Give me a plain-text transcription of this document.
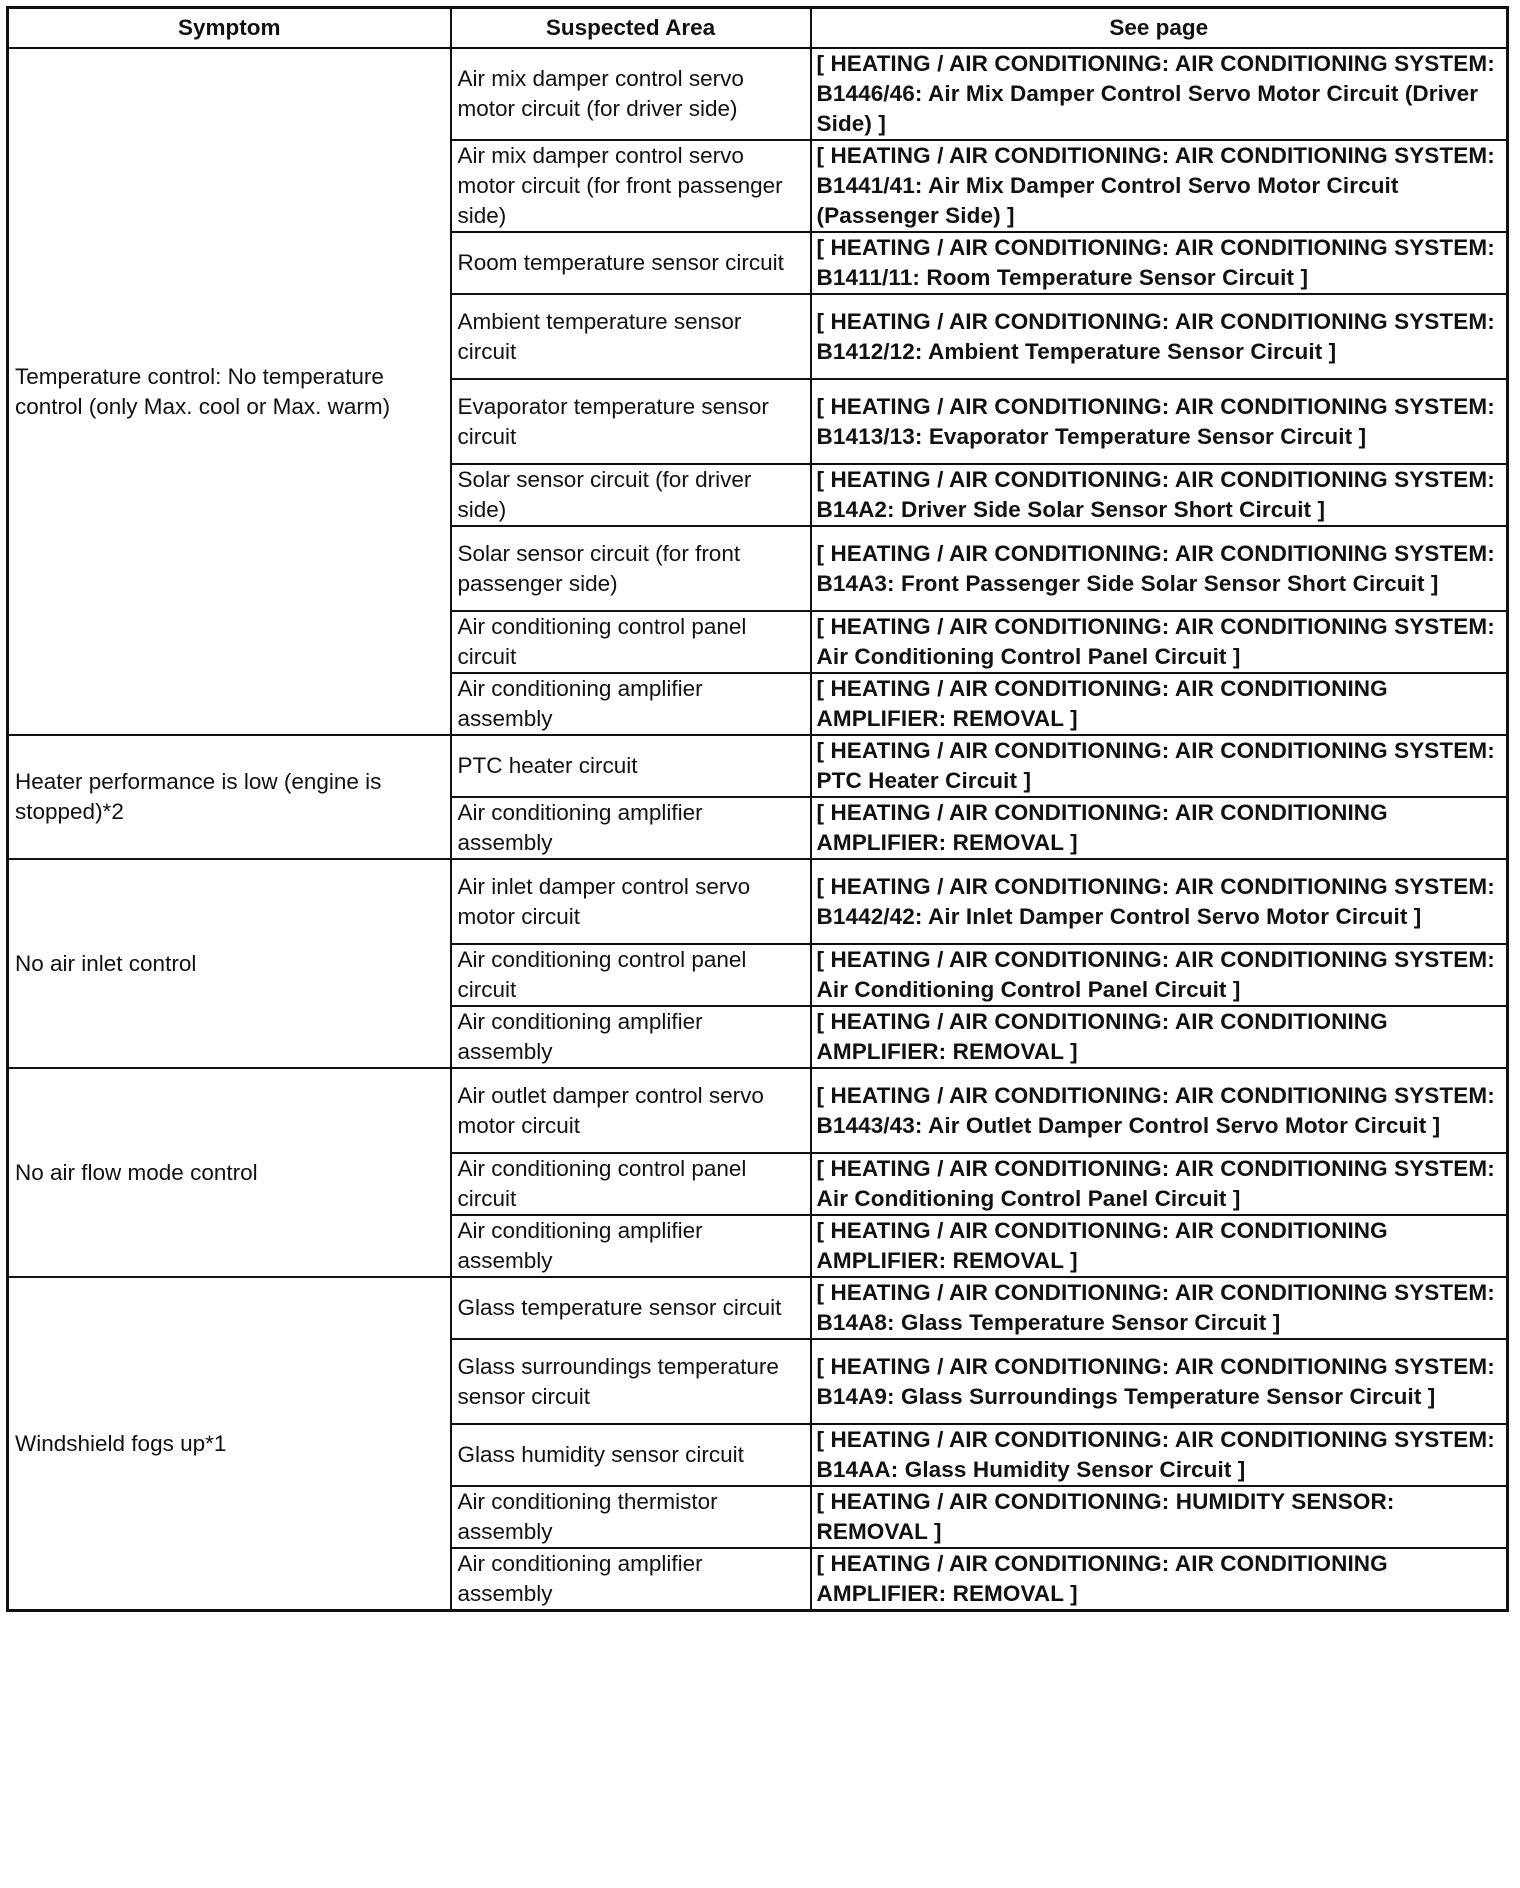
Symptom	Suspected Area	See page
Temperature control: No temperature control (only Max. cool or Max. warm)	Air mix damper control servo motor circuit (for driver side)	[ HEATING / AIR CONDITIONING: AIR CONDITIONING SYSTEM: B1446/46: Air Mix Damper Control Servo Motor Circuit (Driver Side) ]
	Air mix damper control servo motor circuit (for front passenger side)	[ HEATING / AIR CONDITIONING: AIR CONDITIONING SYSTEM: B1441/41: Air Mix Damper Control Servo Motor Circuit (Passenger Side) ]
	Room temperature sensor circuit	[ HEATING / AIR CONDITIONING: AIR CONDITIONING SYSTEM: B1411/11: Room Temperature Sensor Circuit ]
	Ambient temperature sensor circuit	[ HEATING / AIR CONDITIONING: AIR CONDITIONING SYSTEM: B1412/12: Ambient Temperature Sensor Circuit ]
	Evaporator temperature sensor circuit	[ HEATING / AIR CONDITIONING: AIR CONDITIONING SYSTEM: B1413/13: Evaporator Temperature Sensor Circuit ]
	Solar sensor circuit (for driver side)	[ HEATING / AIR CONDITIONING: AIR CONDITIONING SYSTEM: B14A2: Driver Side Solar Sensor Short Circuit ]
	Solar sensor circuit (for front passenger side)	[ HEATING / AIR CONDITIONING: AIR CONDITIONING SYSTEM: B14A3: Front Passenger Side Solar Sensor Short Circuit ]
	Air conditioning control panel circuit	[ HEATING / AIR CONDITIONING: AIR CONDITIONING SYSTEM: Air Conditioning Control Panel Circuit ]
	Air conditioning amplifier assembly	[ HEATING / AIR CONDITIONING: AIR CONDITIONING AMPLIFIER: REMOVAL ]
Heater performance is low (engine is stopped)*2	PTC heater circuit	[ HEATING / AIR CONDITIONING: AIR CONDITIONING SYSTEM: PTC Heater Circuit ]
	Air conditioning amplifier assembly	[ HEATING / AIR CONDITIONING: AIR CONDITIONING AMPLIFIER: REMOVAL ]
No air inlet control	Air inlet damper control servo motor circuit	[ HEATING / AIR CONDITIONING: AIR CONDITIONING SYSTEM: B1442/42: Air Inlet Damper Control Servo Motor Circuit ]
	Air conditioning control panel circuit	[ HEATING / AIR CONDITIONING: AIR CONDITIONING SYSTEM: Air Conditioning Control Panel Circuit ]
	Air conditioning amplifier assembly	[ HEATING / AIR CONDITIONING: AIR CONDITIONING AMPLIFIER: REMOVAL ]
No air flow mode control	Air outlet damper control servo motor circuit	[ HEATING / AIR CONDITIONING: AIR CONDITIONING SYSTEM: B1443/43: Air Outlet Damper Control Servo Motor Circuit ]
	Air conditioning control panel circuit	[ HEATING / AIR CONDITIONING: AIR CONDITIONING SYSTEM: Air Conditioning Control Panel Circuit ]
	Air conditioning amplifier assembly	[ HEATING / AIR CONDITIONING: AIR CONDITIONING AMPLIFIER: REMOVAL ]
Windshield fogs up*1	Glass temperature sensor circuit	[ HEATING / AIR CONDITIONING: AIR CONDITIONING SYSTEM: B14A8: Glass Temperature Sensor Circuit ]
	Glass surroundings temperature sensor circuit	[ HEATING / AIR CONDITIONING: AIR CONDITIONING SYSTEM: B14A9: Glass Surroundings Temperature Sensor Circuit ]
	Glass humidity sensor circuit	[ HEATING / AIR CONDITIONING: AIR CONDITIONING SYSTEM: B14AA: Glass Humidity Sensor Circuit ]
	Air conditioning thermistor assembly	[ HEATING / AIR CONDITIONING: HUMIDITY SENSOR: REMOVAL ]
	Air conditioning amplifier assembly	[ HEATING / AIR CONDITIONING: AIR CONDITIONING AMPLIFIER: REMOVAL ]
